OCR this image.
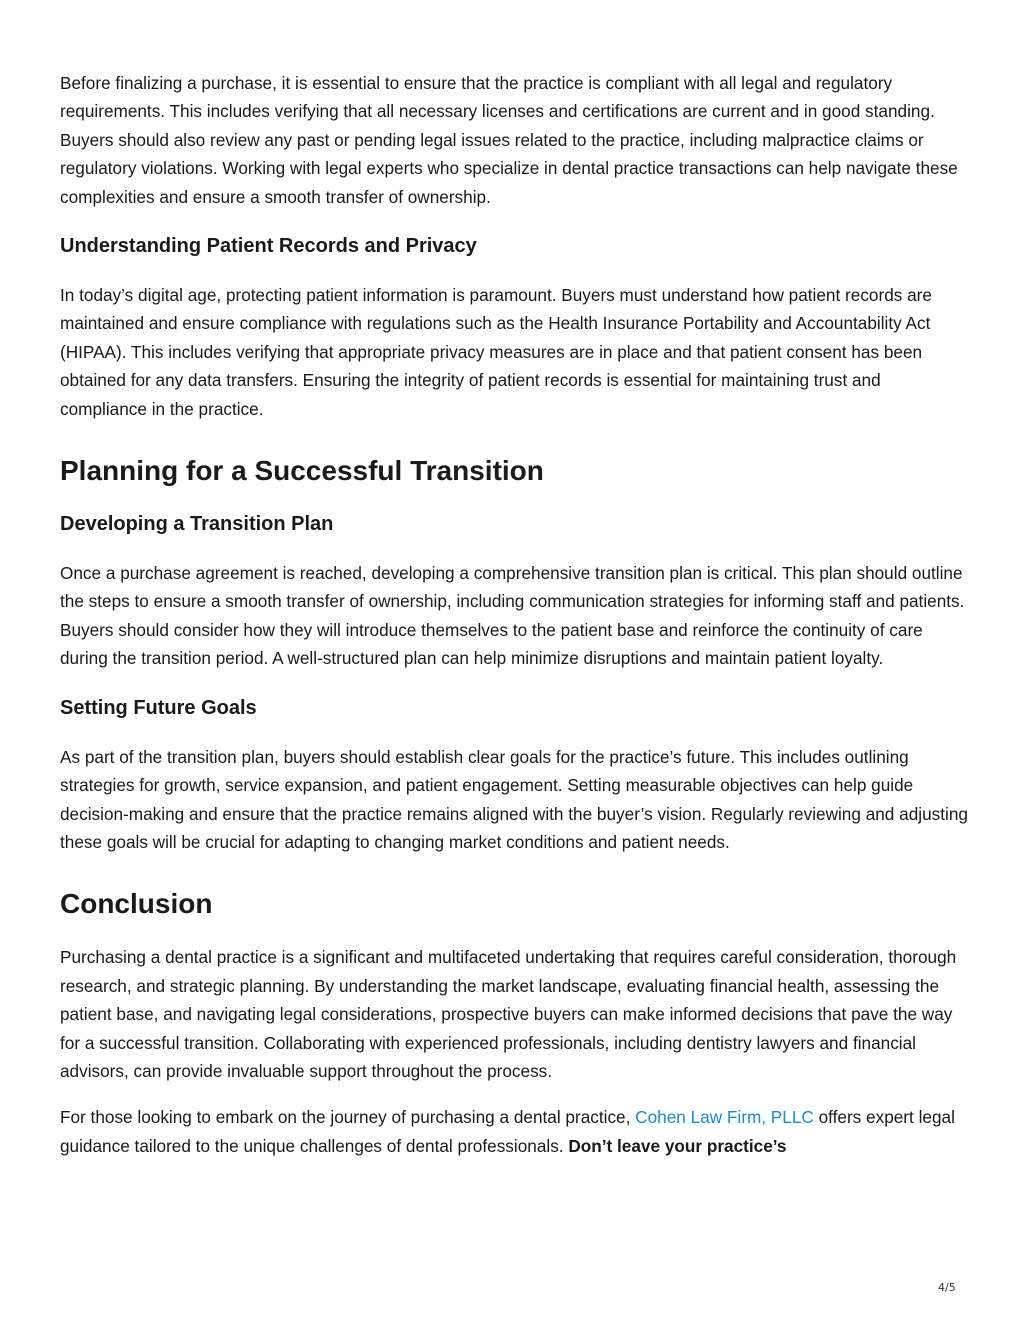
Before finalizing a purchase, it is essential to ensure that the practice is compliant with all legal and regulatory requirements. This includes verifying that all necessary licenses and certifications are current and in good standing. Buyers should also review any past or pending legal issues related to the practice, including malpractice claims or regulatory violations. Working with legal experts who specialize in dental practice transactions can help navigate these complexities and ensure a smooth transfer of ownership.

Understanding Patient Records and Privacy

In today’s digital age, protecting patient information is paramount. Buyers must understand how patient records are maintained and ensure compliance with regulations such as the Health Insurance Portability and Accountability Act (HIPAA). This includes verifying that appropriate privacy measures are in place and that patient consent has been obtained for any data transfers. Ensuring the integrity of patient records is essential for maintaining trust and compliance in the practice.

Planning for a Successful Transition
Developing a Transition Plan

Once a purchase agreement is reached, developing a comprehensive transition plan is critical. This plan should outline the steps to ensure a smooth transfer of ownership, including communication strategies for informing staff and patients. Buyers should consider how they will introduce themselves to the patient base and reinforce the continuity of care during the transition period. A well-structured plan can help minimize disruptions and maintain patient loyalty.

Setting Future Goals

As part of the transition plan, buyers should establish clear goals for the practice’s future. This includes outlining strategies for growth, service expansion, and patient engagement. Setting measurable objectives can help guide decision-making and ensure that the practice remains aligned with the buyer’s vision. Regularly reviewing and adjusting these goals will be crucial for adapting to changing market conditions and patient needs.

Conclusion

Purchasing a dental practice is a significant and multifaceted undertaking that requires careful consideration, thorough research, and strategic planning. By understanding the market landscape, evaluating financial health, assessing the patient base, and navigating legal considerations, prospective buyers can make informed decisions that pave the way for a successful transition. Collaborating with experienced professionals, including dentistry lawyers and financial advisors, can provide invaluable support throughout the process.

For those looking to embark on the journey of purchasing a dental practice, Cohen Law Firm, PLLC offers expert legal guidance tailored to the unique challenges of dental professionals. Don’t leave your practice’s

4/5
